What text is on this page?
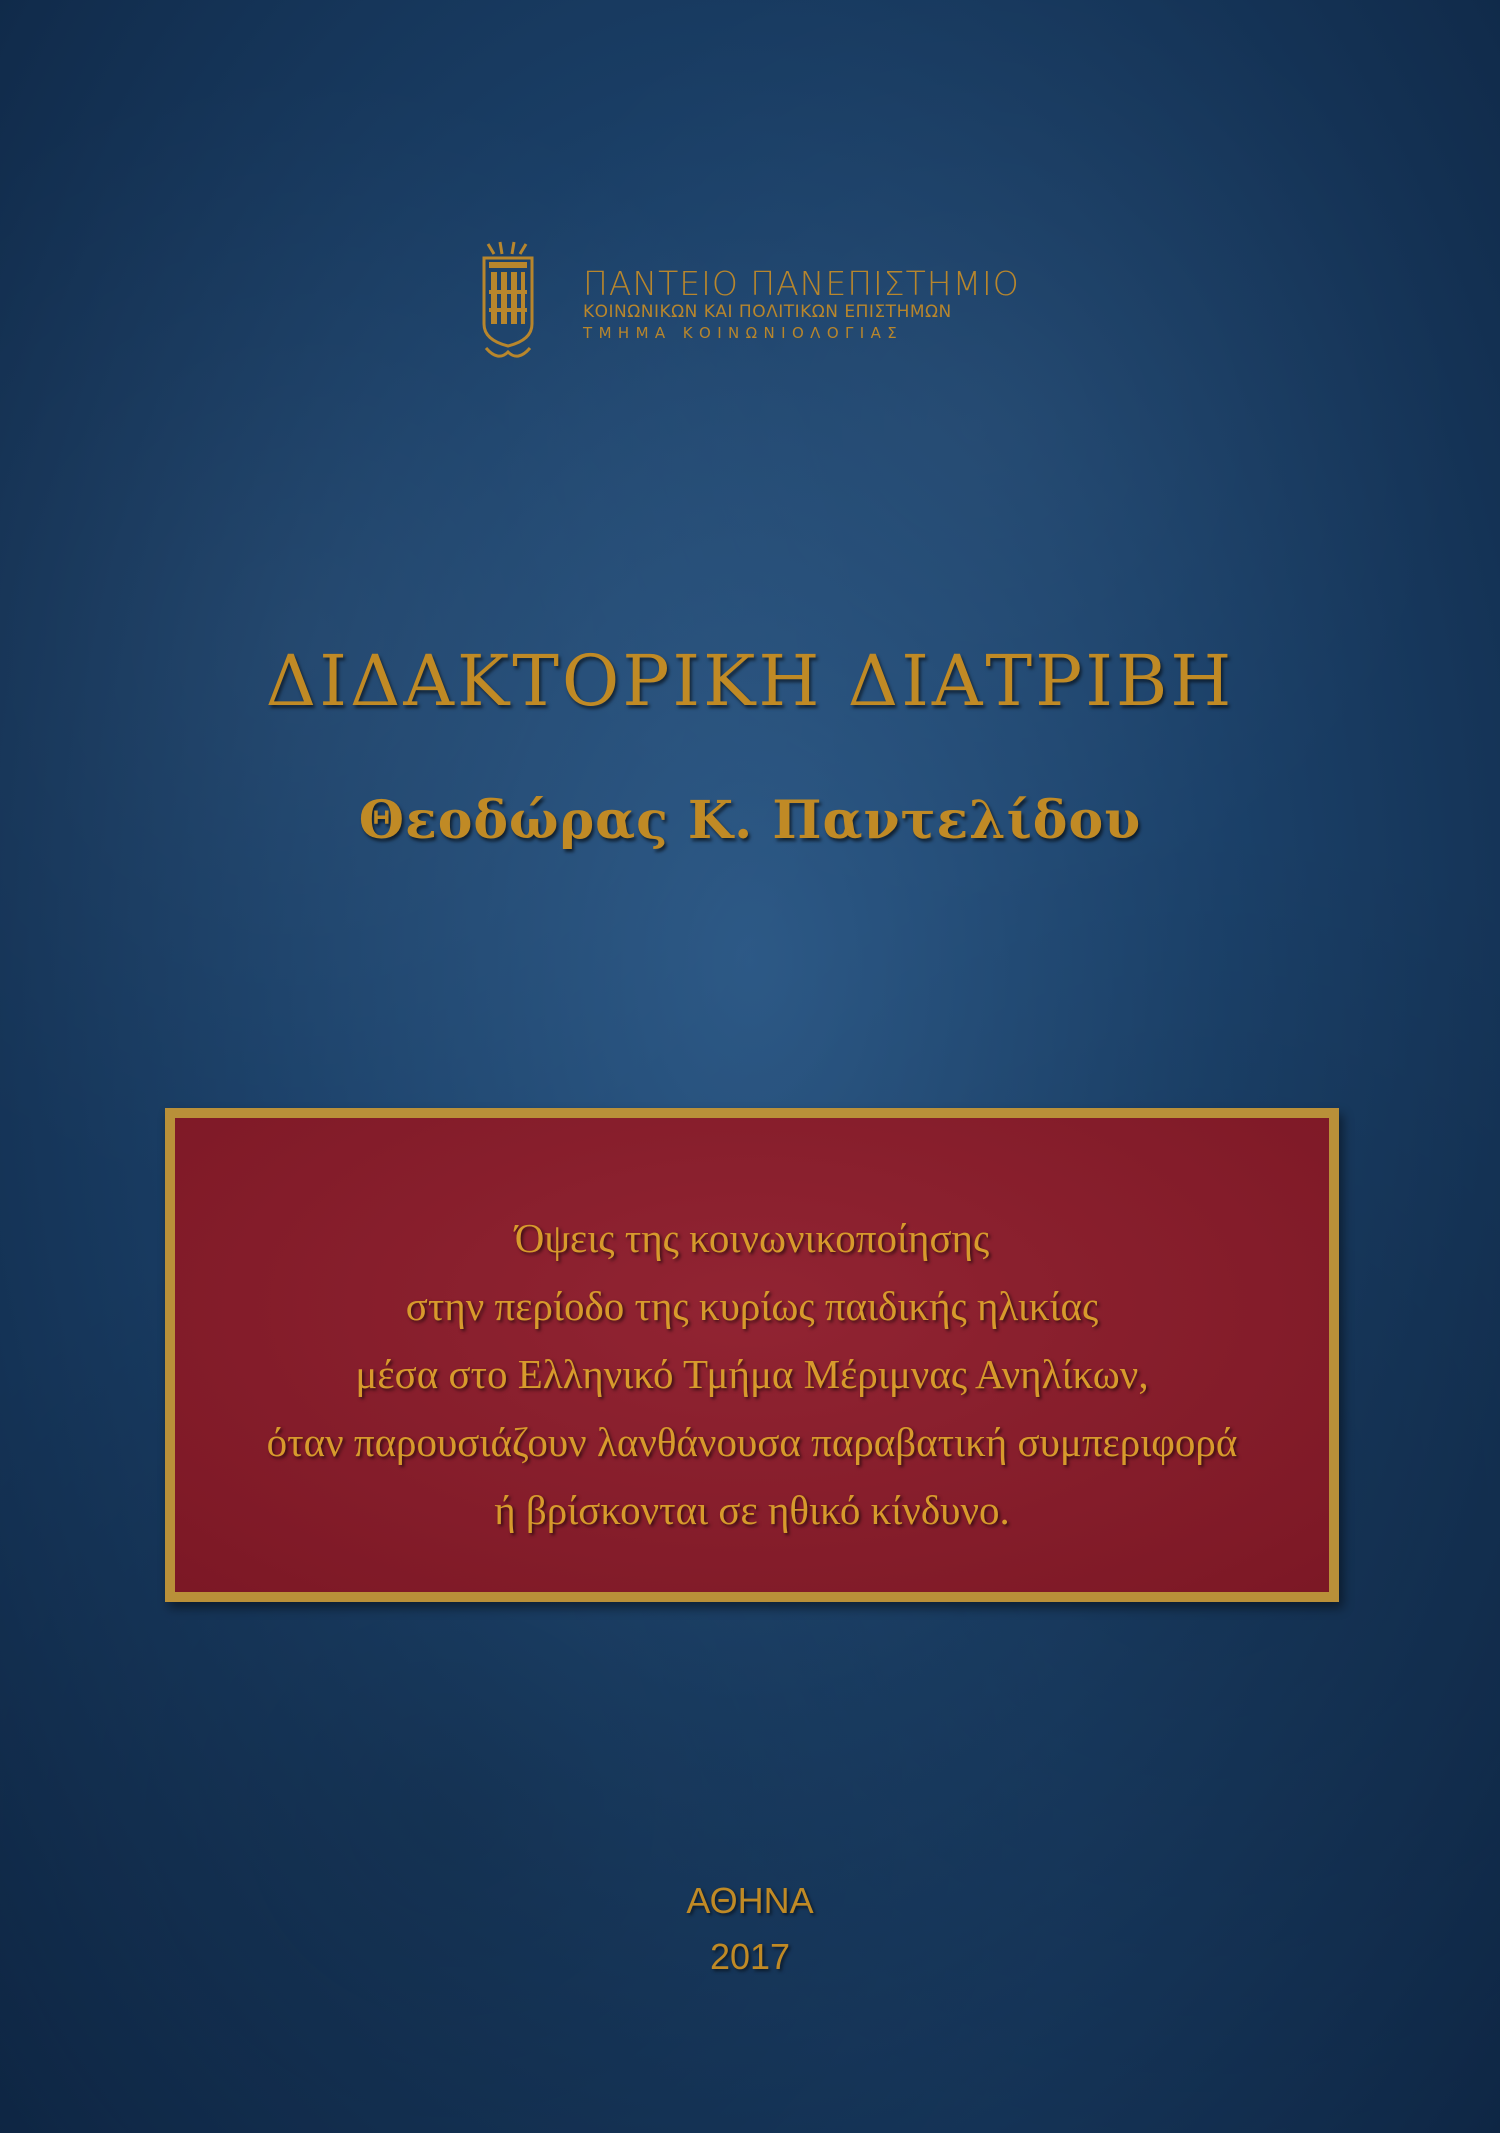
ΠΑΝΤΕΙΟ ΠΑΝΕΠΙΣΤΗΜΙΟ
ΚΟΙΝΩΝΙΚΩΝ ΚΑΙ ΠΟΛΙΤΙΚΩΝ ΕΠΙΣΤΗΜΩΝ
ΤΜΗΜΑ ΚΟΙΝΩΝΙΟΛΟΓΙΑΣ
ΔΙΔΑΚΤΟΡΙΚΗ ΔΙΑΤΡΙΒΗ
Θεοδώρας Κ. Παντελίδου
Όψεις της κοινωνικοποίησης
στην περίοδο της κυρίως παιδικής ηλικίας
μέσα στο Ελληνικό Τμήμα Μέριμνας Ανηλίκων,
όταν παρουσιάζουν λανθάνουσα παραβατική συμπεριφορά
ή βρίσκονται σε ηθικό κίνδυνο.
ΑΘΗΝΑ
2017
